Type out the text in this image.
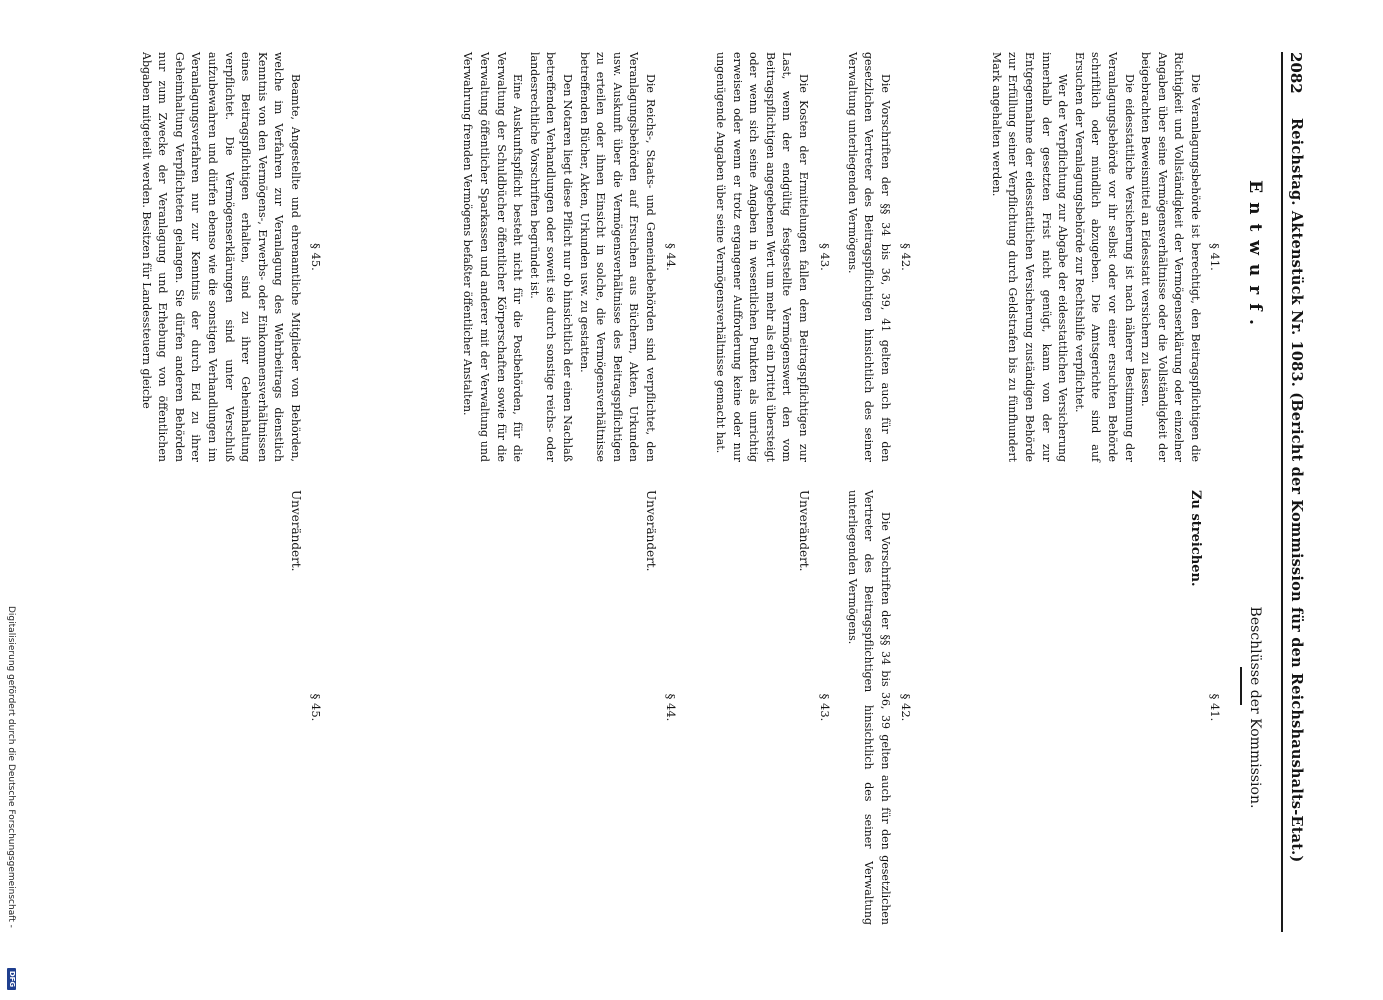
2082
Reichstag. Aktenstück Nr. 1083. (Bericht der Kommission für den Reichshaushalts-Etat.)
Entwurf.
Beschlüsse der Kommission.
§ 41.

Die Veranlagungsbehörde ist berechtigt, den Beitragspflichtigen die Richtigkeit und Vollständigkeit der Vermögenserklärung oder einzelner Angaben über seine Vermögensverhältnisse oder die Vollständigkeit der beigebrachten Beweismittel an Eidesstatt versichern zu lassen.

Die eidesstattliche Versicherung ist nach näherer Bestimmung der Veranlagungsbehörde vor ihr selbst oder vor einer ersuchten Behörde schriftlich oder mündlich abzugeben. Die Amtsgerichte sind auf Ersuchen der Veranlagungsbehörde zur Rechtshilfe verpflichtet.

Wer der Verpflichtung zur Abgabe der eidesstattlichen Versicherung innerhalb der gesetzten Frist nicht genügt, kann von der zur Entgegennahme der eidesstattlichen Versicherung zuständigen Behörde zur Erfüllung seiner Verpflichtung durch Geldstrafen bis zu fünfhundert Mark angehalten werden.

§ 42.

Die Vorschriften der §§ 34 bis 36, 39, 41 gelten auch für den gesetzlichen Vertreter des Beitragspflichtigen hinsichtlich des seiner Verwaltung unterliegenden Vermögens.

§ 43.

Die Kosten der Ermittelungen fallen dem Beitragspflichtigen zur Last, wenn der endgültig festgestellte Vermögenswert den vom Beitragspflichtigen angegebenen Wert um mehr als ein Drittel übersteigt oder wenn sich seine Angaben in wesentlichen Punkten als unrichtig erweisen oder wenn er trotz ergangener Aufforderung keine oder nur ungenügende Angaben über seine Vermögensverhältnisse gemacht hat.

§ 44.

Die Reichs-, Staats- und Gemeindebehörden sind verpflichtet, den Veranlagungsbehörden auf Ersuchen aus Büchern, Akten, Urkunden usw. Auskunft über die Vermögensverhältnisse des Beitragspflichtigen zu erteilen oder ihnen Einsicht in solche, die Vermögensverhältnisse betreffenden Bücher, Akten, Urkunden usw. zu gestatten.

Den Notaren liegt diese Pflicht nur ob hinsichtlich der einen Nachlaß betreffenden Verhandlungen oder soweit sie durch sonstige reichs- oder landesrechtliche Vorschriften begründet ist.

Eine Auskunftspflicht besteht nicht für die Postbehörden, für die Verwaltung der Schuldbücher öffentlicher Körperschaften sowie für die Verwaltung öffentlicher Sparkassen und anderer mit der Verwaltung und Verwahrung fremden Vermögens befaßter öffentlicher Anstalten.

§ 45.

Beamte, Angestellte und ehrenamtliche Mitglieder von Behörden, welche im Verfahren zur Veranlagung des Wehrbeitrags dienstlich Kenntnis von den Vermögens-, Erwerbs- oder Einkommensverhältnissen eines Beitragspflichtigen erhalten, sind zu ihrer Geheimhaltung verpflichtet. Die Vermögenserklärungen sind unter Verschluß aufzubewahren und dürfen ebenso wie die sonstigen Verhandlungen im Veranlagungsverfahren nur zur Kenntnis der durch Eid zu ihrer Geheimhaltung Verpflichteten gelangen. Sie dürfen anderen Behörden nur zum Zwecke der Veranlagung und Erhebung von öffentlichen Abgaben mitgeteilt werden. Besitzen für Landessteuern gleiche

§ 41.
Zu streichen.
§ 42.

Die Vorschriften der §§ 34 bis 36, 39 gelten auch für den gesetzlichen Vertreter des Beitragspflichtigen hinsichtlich des seiner Verwaltung unterliegenden Vermögens.

§ 43.
Unverändert.
§ 44.
Unverändert.
§ 45.
Unverändert.
Digitalisierung gefördert durch die Deutsche Forschungsgemeinschaft -
DFG
